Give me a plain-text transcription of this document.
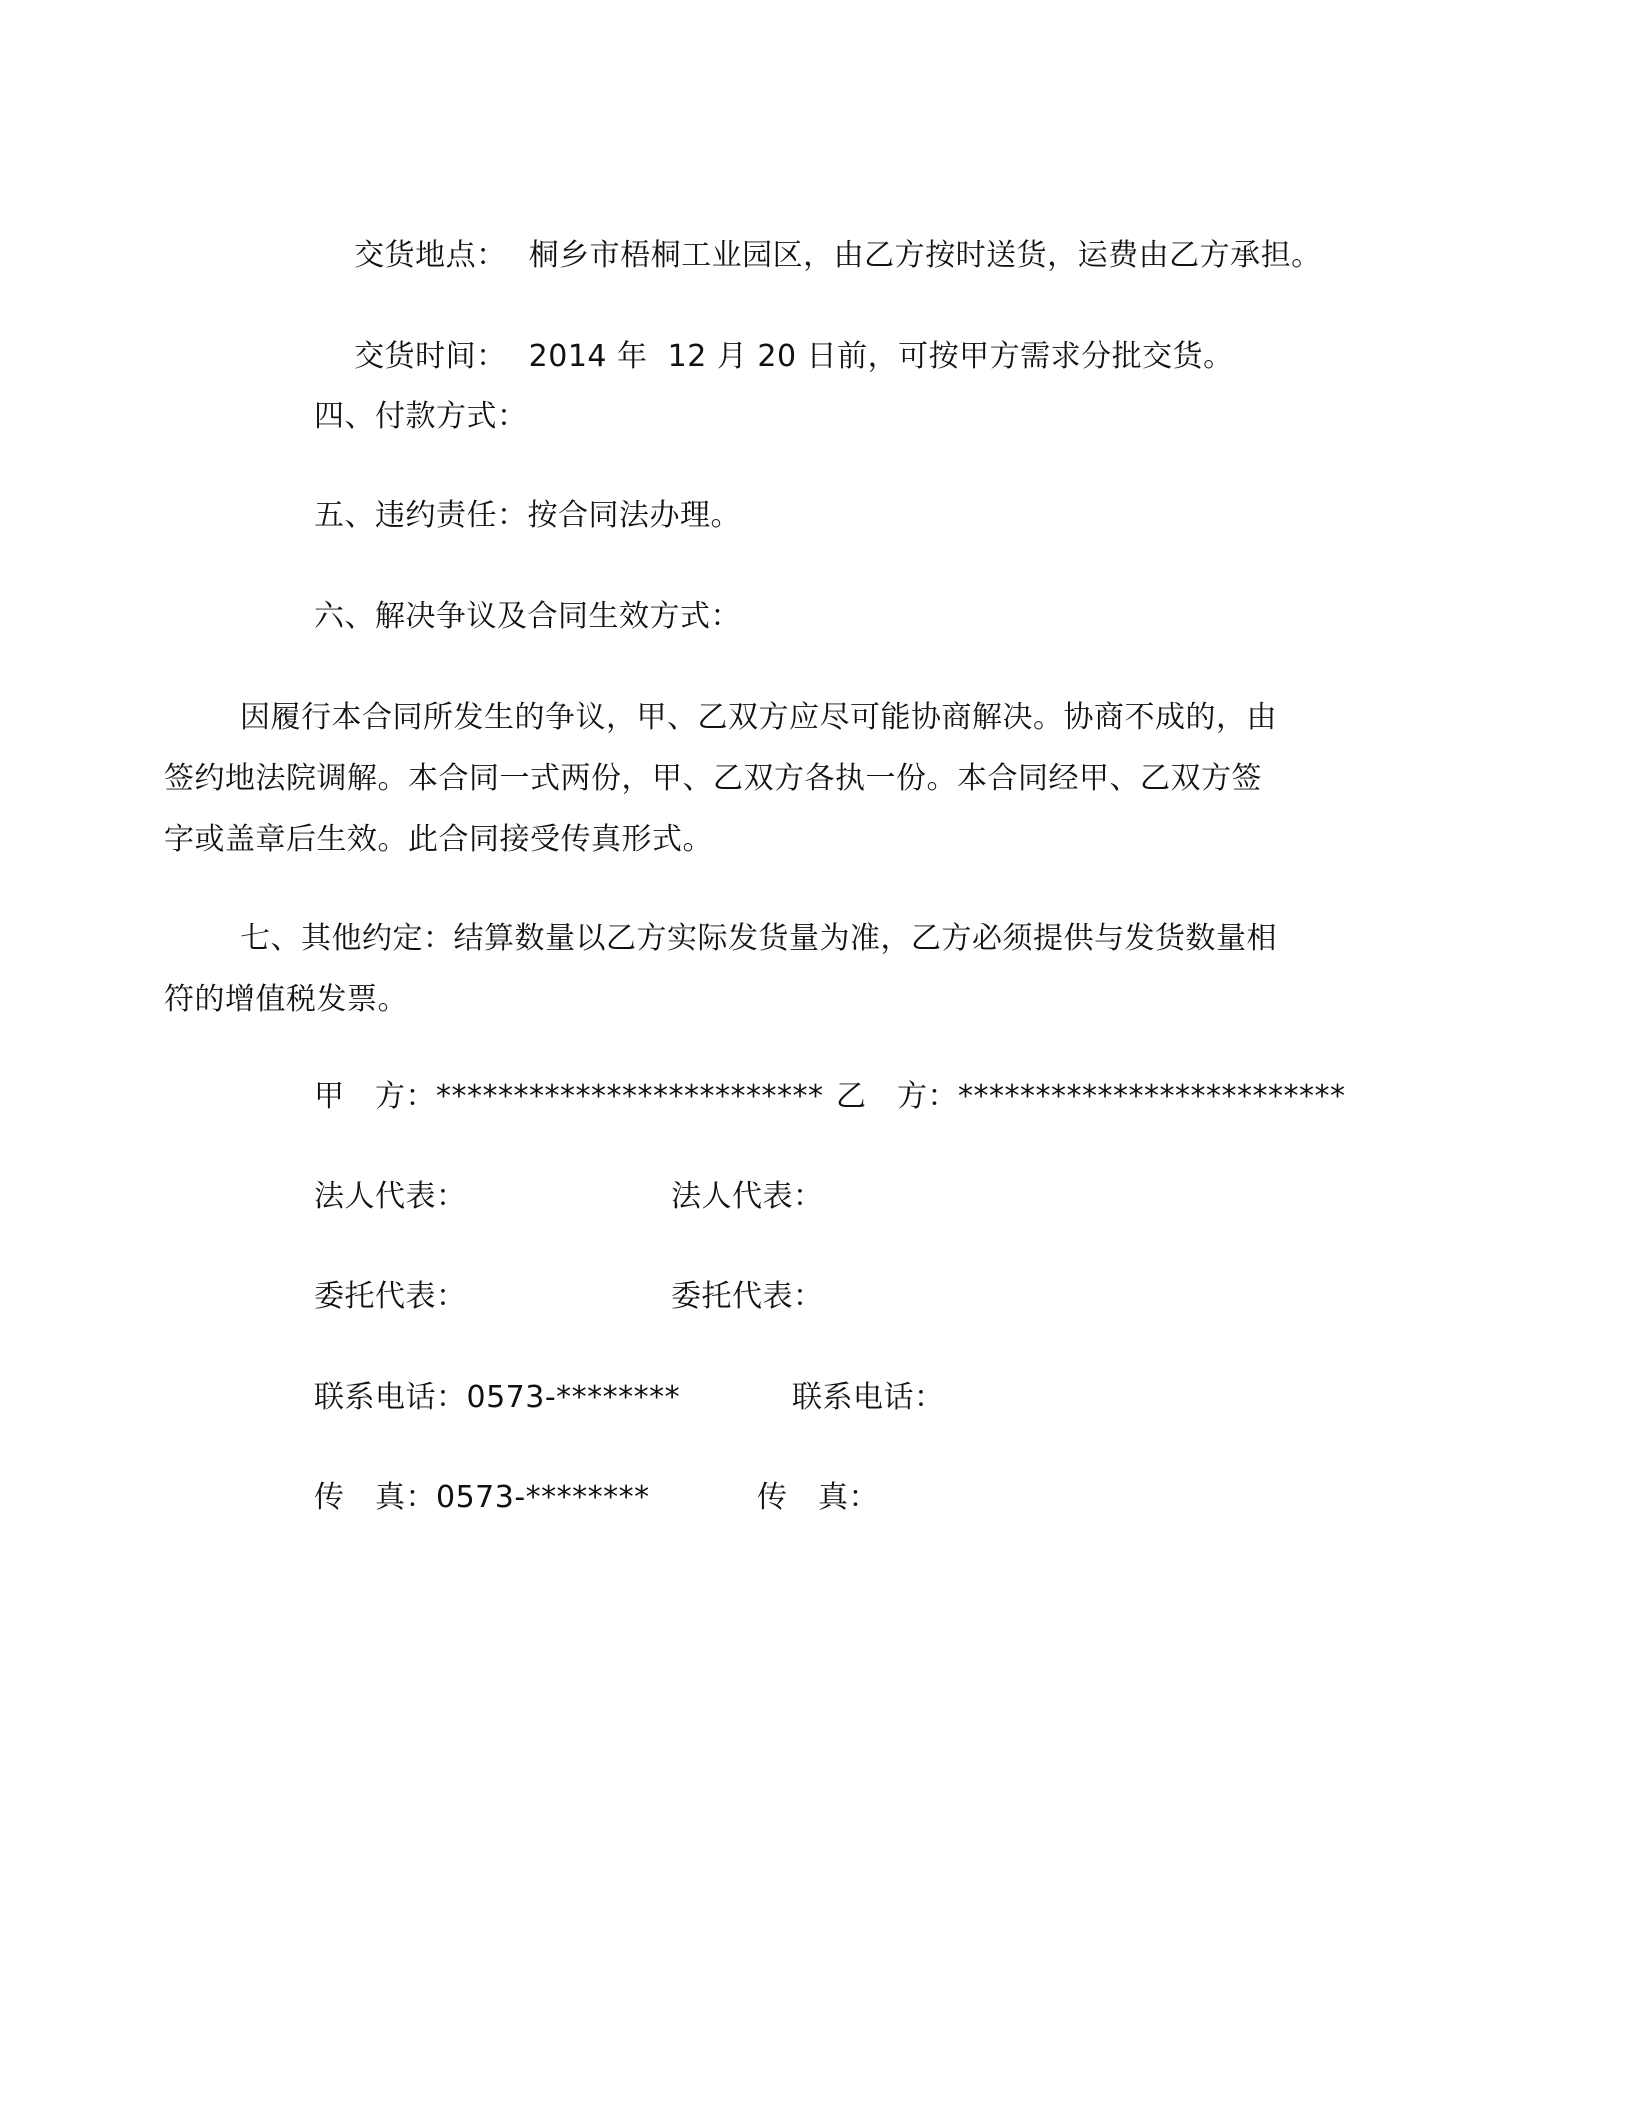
交货地点： 桐乡市梧桐工业园区，由乙方按时送货，运费由乙方承担。

交货时间： 2014 年  12 月 20 日前，可按甲方需求分批交货。

四、付款方式：
五、违约责任：按合同法办理。
六、解决争议及合同生效方式：
因履行本合同所发生的争议，甲、乙双方应尽可能协商解决。协商不成的，由签约地法院调解。本合同一式两份，甲、乙双方各执一份。本合同经甲、乙双方签字或盖章后生效。此合同接受传真形式。
七、其他约定：结算数量以乙方实际发货量为准，乙方必须提供与发货数量相符的增值税发票。
甲　方：************************* 乙　方：*************************
法人代表：	法人代表：
委托代表：	委托代表：
联系电话：0573-********	联系电话：
传　真：0573-********	传　真：
